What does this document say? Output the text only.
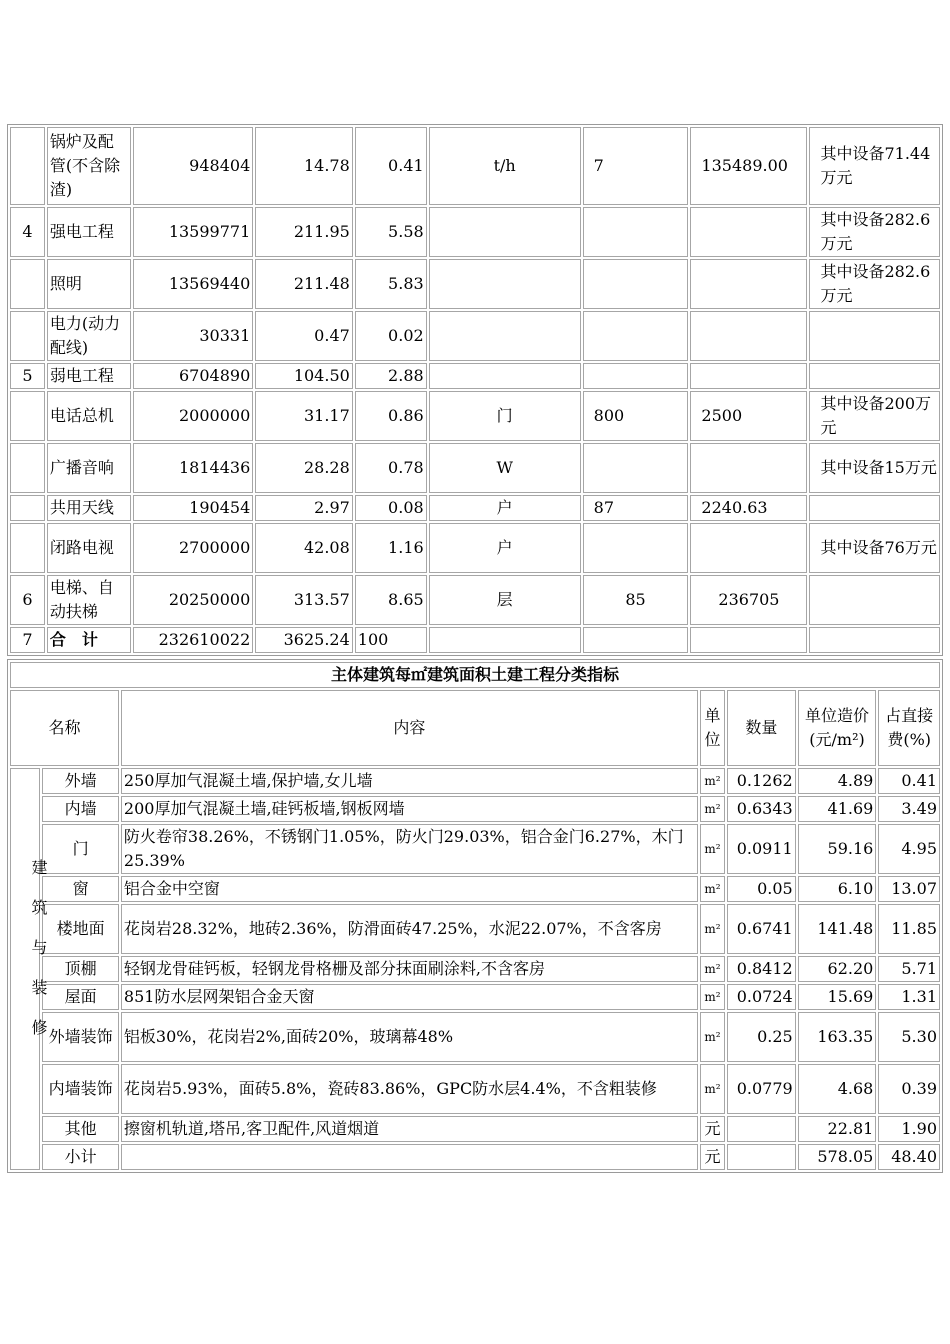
	锅炉及配管(不含除渣)	948404	14.78	0.41	t/h	7	135489.00	其中设备71.44万元
4	强电工程	13599771	211.95	5.58				其中设备282.6万元
	照明	13569440	211.48	5.83				其中设备282.6万元
	电力(动力配线)	30331	0.47	0.02				
5	弱电工程	6704890	104.50	2.88				
	电话总机	2000000	31.17	0.86	门	800	2500	其中设备200万元
	广播音响	1814436	28.28	0.78	W			其中设备15万元
	共用天线	190454	2.97	0.08	户	87	2240.63	
	闭路电视	2700000	42.08	1.16	户			其中设备76万元
6	电梯、自动扶梯	20250000	313.57	8.65	层	85	236705	
7	合　计	232610022	3625.24	100				
主体建筑每㎡建筑面积土建工程分类指标						
名称		内容	单位	数量	单位造价(元/m²)	占直接费(%)
建筑与装修	外墙	250厚加气混凝土墙,保护墙,女儿墙	m²	0.1262	4.89	0.41
	内墙	200厚加气混凝土墙,硅钙板墙,钢板网墙	m²	0.6343	41.69	3.49
	门	防火卷帘38.26%，不锈钢门1.05%，防火门29.03%，铝合金门6.27%，木门25.39%	m²	0.0911	59.16	4.95
	窗	铝合金中空窗	m²	0.05	6.10	13.07
	楼地面	花岗岩28.32%，地砖2.36%，防滑面砖47.25%，水泥22.07%，不含客房	m²	0.6741	141.48	11.85
	顶棚	轻钢龙骨硅钙板，轻钢龙骨格栅及部分抹面刷涂料,不含客房	m²	0.8412	62.20	5.71
	屋面	851防水层网架铝合金天窗	m²	0.0724	15.69	1.31
	外墙装饰	铝板30%，花岗岩2%,面砖20%，玻璃幕48%	m²	0.25	163.35	5.30
	内墙装饰	花岗岩5.93%，面砖5.8%，瓷砖83.86%，GPC防水层4.4%，不含粗装修	m²	0.0779	4.68	0.39
	其他	擦窗机轨道,塔吊,客卫配件,风道烟道	元		22.81	1.90
	小计		元		578.05	48.40
